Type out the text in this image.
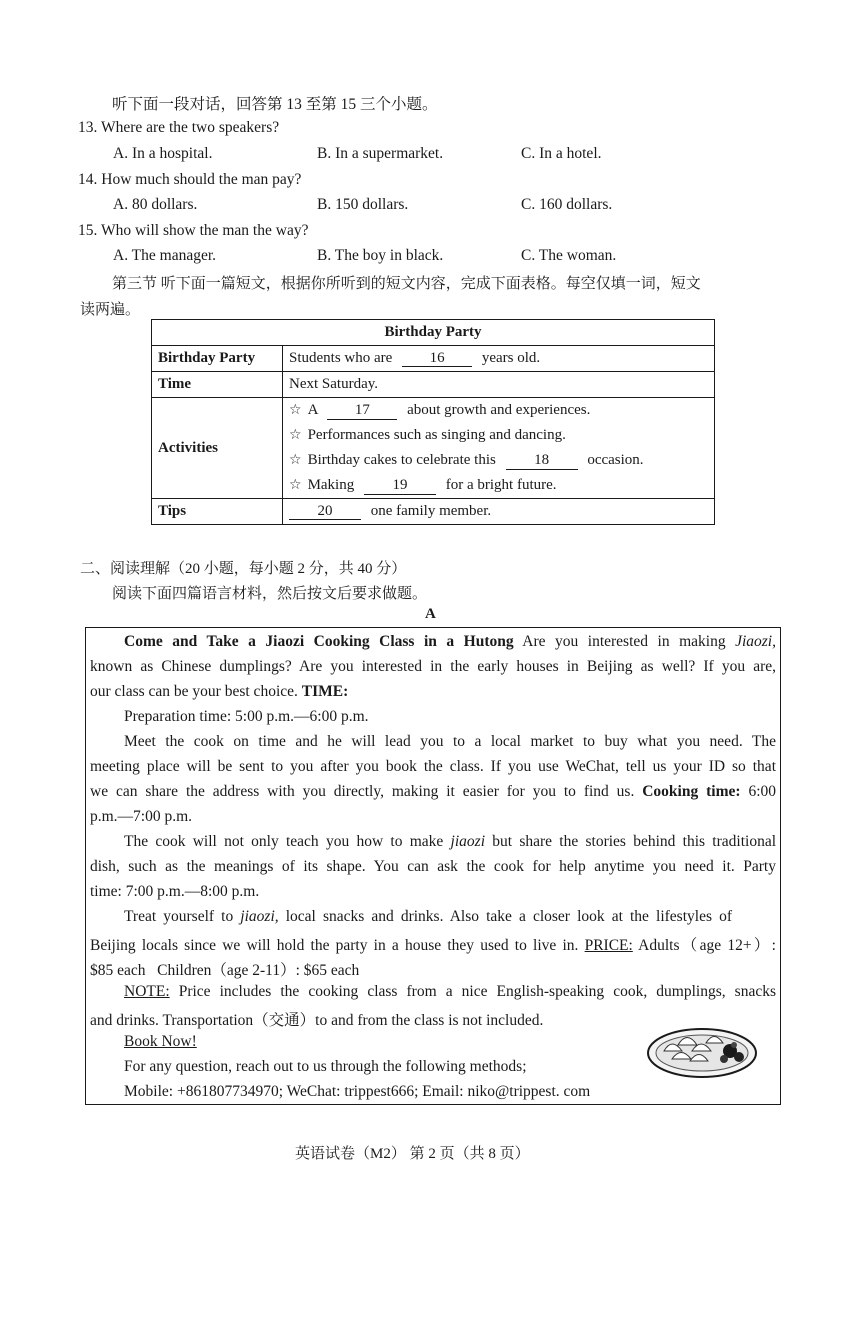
听下面一段对话，回答第 13 至第 15 三个小题。
13. Where are the two speakers?
A. In a hospital.	B. In a supermarket.	C. In a hotel.
14. How much should the man pay?
A. 80 dollars.	B. 150 dollars.	C. 160 dollars.
15. Who will show the man the way?
A. The manager.	B. The boy in black.	C. The woman.
第三节 听下面一篇短文，根据你所听到的短文内容，完成下面表格。每空仅填一词，短文
读两遍。
Birthday Party	
Birthday Party	Students who are 16 years old.
Time	Next Saturday.
Activities	☆ A 17 about growth and experiences.
☆ Performances such as singing and dancing.
☆ Birthday cakes to celebrate this 18 occasion.
☆ Making 19 for a bright future.

Tips	20 one family member.
二、阅读理解（20 小题，每小题 2 分，共 40 分）
阅读下面四篇语言材料，然后按文后要求做题。
A
Come and Take a Jiaozi Cooking Class in a Hutong Are you interested in making Jiaozi,
known as Chinese dumplings? Are you interested in the early houses in Beijing as well? If you are,
our class can be your best choice. TIME:
Preparation time: 5:00 p.m.—6:00 p.m.
Meet the cook on time and he will lead you to a local market to buy what you need. The
meeting place will be sent to you after you book the class. If you use WeChat, tell us your ID so that
we can share the address with you directly, making it easier for you to find us. Cooking time: 6:00
p.m.—7:00 p.m.
The cook will not only teach you how to make jiaozi but share the stories behind this traditional
dish, such as the meanings of its shape. You can ask the cook for help anytime you need it. Party
time: 7:00 p.m.—8:00 p.m.
Treat yourself to jiaozi, local snacks and drinks. Also take a closer look at the lifestyles of
Beijing locals since we will hold the party in a house they used to live in. PRICE: Adults（age 12+）:
$85 each   Children（age 2-11）: $65 each
NOTE: Price includes the cooking class from a nice English-speaking cook, dumplings, snacks
and drinks. Transportation（交通）to and from the class is not included.
Book Now!
For any question, reach out to us through the following methods;
Mobile: +861807734970; WeChat: trippest666; Email: niko@trippest. com
英语试卷（M2） 第 2 页（共 8 页）
